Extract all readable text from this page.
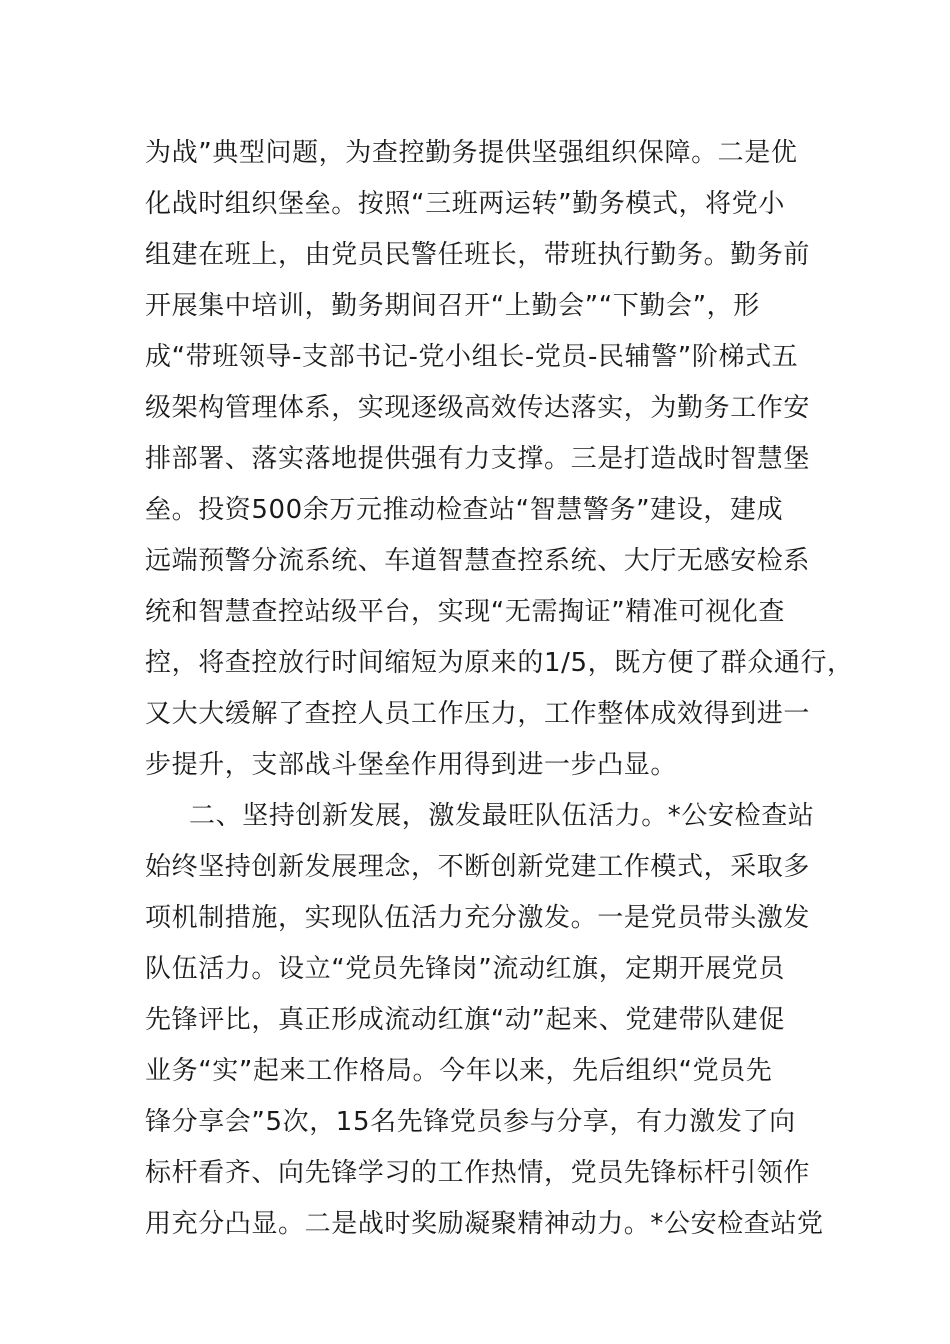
为战”典型问题，为查控勤务提供坚强组织保障。二是优
化战时组织堡垒。按照“三班两运转”勤务模式，将党小
组建在班上，由党员民警任班长，带班执行勤务。勤务前
开展集中培训，勤务期间召开“上勤会”“下勤会”，形
成“带班领导-支部书记-党小组长-党员-民辅警”阶梯式五
级架构管理体系，实现逐级高效传达落实，为勤务工作安
排部署、落实落地提供强有力支撑。三是打造战时智慧堡
垒。投资500余万元推动检查站“智慧警务”建设，建成
远端预警分流系统、车道智慧查控系统、大厅无感安检系
统和智慧查控站级平台，实现“无需掏证”精准可视化查
控，将查控放行时间缩短为原来的1/5，既方便了群众通行，
又大大缓解了查控人员工作压力，工作整体成效得到进一
步提升，支部战斗堡垒作用得到进一步凸显。
二、坚持创新发展，激发最旺队伍活力。*公安检查站
始终坚持创新发展理念，不断创新党建工作模式，采取多
项机制措施，实现队伍活力充分激发。一是党员带头激发
队伍活力。设立“党员先锋岗”流动红旗，定期开展党员
先锋评比，真正形成流动红旗“动”起来、党建带队建促
业务“实”起来工作格局。今年以来，先后组织“党员先
锋分享会”5次，15名先锋党员参与分享，有力激发了向
标杆看齐、向先锋学习的工作热情，党员先锋标杆引领作
用充分凸显。二是战时奖励凝聚精神动力。*公安检查站党
